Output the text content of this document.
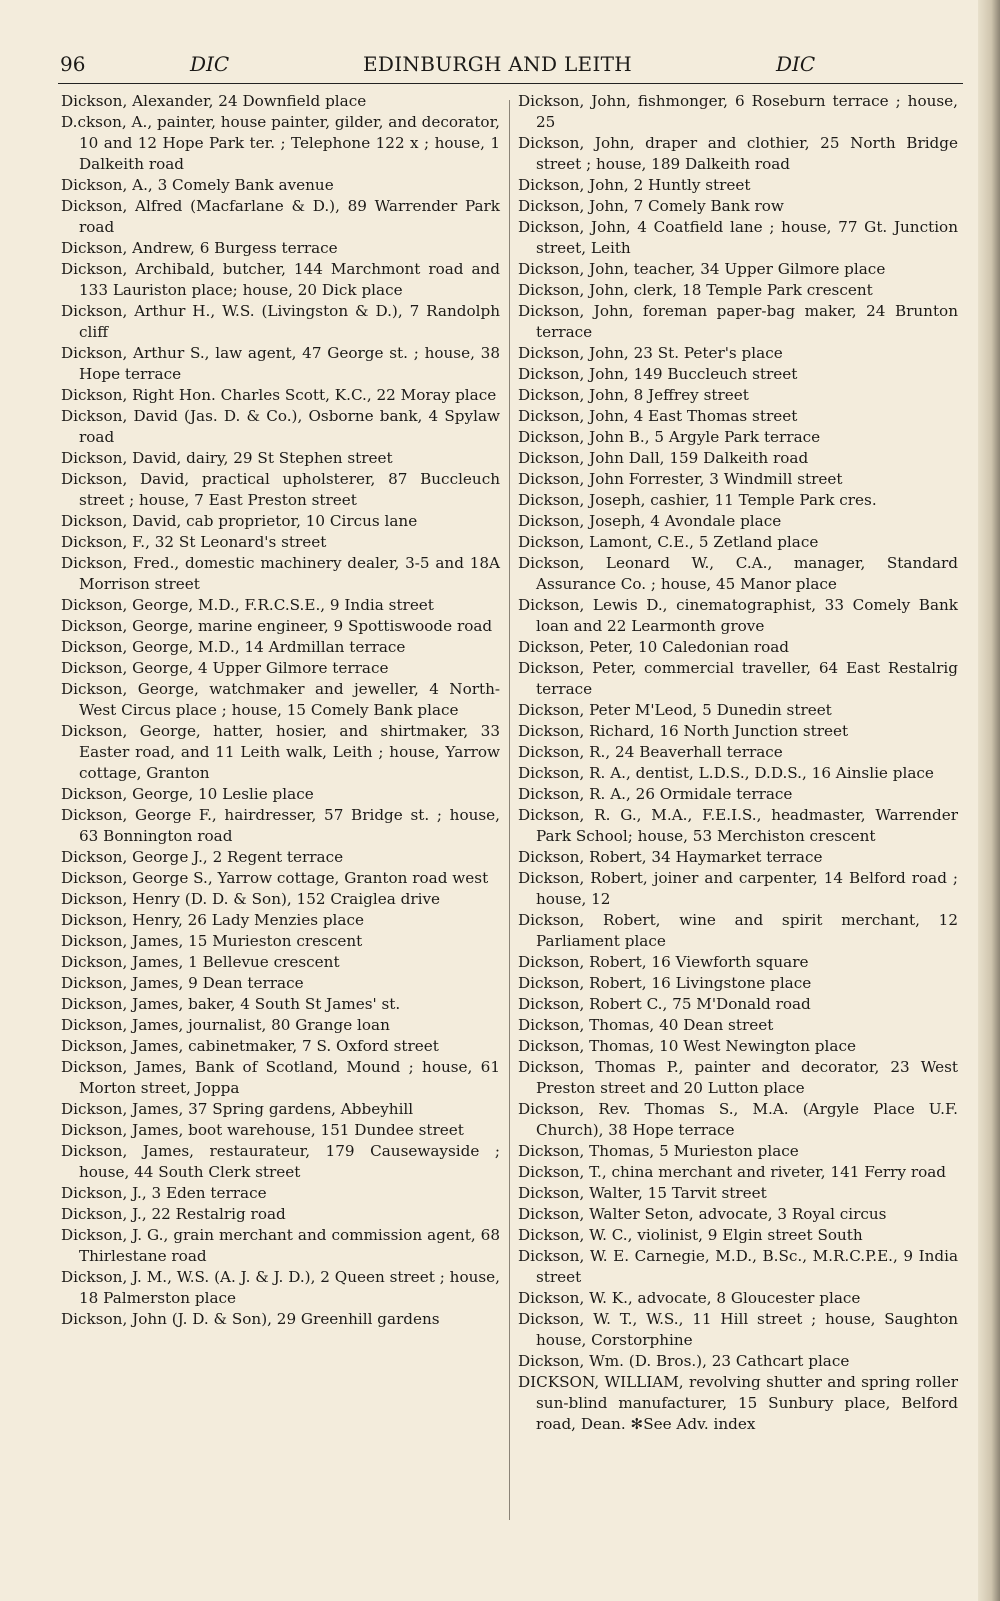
96	DIC	EDINBURGH AND LEITH	DIC
Dickson, Alexander, 24 Downfield place
D.ckson, A., painter, house painter, gilder, and decorator, 10 and 12 Hope Park ter. ; Telephone 122 x ; house, 1 Dalkeith road
Dickson, A., 3 Comely Bank avenue
Dickson, Alfred (Macfarlane & D.), 89 Warrender Park road
Dickson, Andrew, 6 Burgess terrace
Dickson, Archibald, butcher, 144 Marchmont road and 133 Lauriston place; house, 20 Dick place
Dickson, Arthur H., W.S. (Livingston & D.), 7 Randolph cliff
Dickson, Arthur S., law agent, 47 George st. ; house, 38 Hope terrace
Dickson, Right Hon. Charles Scott, K.C., 22 Moray place
Dickson, David (Jas. D. & Co.), Osborne bank, 4 Spylaw road
Dickson, David, dairy, 29 St Stephen street
Dickson, David, practical upholsterer, 87 Buccleuch street ; house, 7 East Preston street
Dickson, David, cab proprietor, 10 Circus lane
Dickson, F., 32 St Leonard's street
Dickson, Fred., domestic machinery dealer, 3-5 and 18A Morrison street
Dickson, George, M.D., F.R.C.S.E., 9 India street
Dickson, George, marine engineer, 9 Spottiswoode road
Dickson, George, M.D., 14 Ardmillan terrace
Dickson, George, 4 Upper Gilmore terrace
Dickson, George, watchmaker and jeweller, 4 North-West Circus place ; house, 15 Comely Bank place
Dickson, George, hatter, hosier, and shirtmaker, 33 Easter road, and 11 Leith walk, Leith ; house, Yarrow cottage, Granton
Dickson, George, 10 Leslie place
Dickson, George F., hairdresser, 57 Bridge st. ; house, 63 Bonnington road
Dickson, George J., 2 Regent terrace
Dickson, George S., Yarrow cottage, Granton road west
Dickson, Henry (D. D. & Son), 152 Craiglea drive
Dickson, Henry, 26 Lady Menzies place
Dickson, James, 15 Murieston crescent
Dickson, James, 1 Bellevue crescent
Dickson, James, 9 Dean terrace
Dickson, James, baker, 4 South St James' st.
Dickson, James, journalist, 80 Grange loan
Dickson, James, cabinetmaker, 7 S. Oxford street
Dickson, James, Bank of Scotland, Mound ; house, 61 Morton street, Joppa
Dickson, James, 37 Spring gardens, Abbeyhill
Dickson, James, boot warehouse, 151 Dundee street
Dickson, James, restaurateur, 179 Causewayside ; house, 44 South Clerk street
Dickson, J., 3 Eden terrace
Dickson, J., 22 Restalrig road
Dickson, J. G., grain merchant and commission agent, 68 Thirlestane road
Dickson, J. M., W.S. (A. J. & J. D.), 2 Queen street ; house, 18 Palmerston place
Dickson, John (J. D. & Son), 29 Greenhill gardens
Dickson, John, fishmonger, 6 Roseburn terrace ; house, 25
Dickson, John, draper and clothier, 25 North Bridge street ; house, 189 Dalkeith road
Dickson, John, 2 Huntly street
Dickson, John, 7 Comely Bank row
Dickson, John, 4 Coatfield lane ; house, 77 Gt. Junction street, Leith
Dickson, John, teacher, 34 Upper Gilmore place
Dickson, John, clerk, 18 Temple Park crescent
Dickson, John, foreman paper-bag maker, 24 Brunton terrace
Dickson, John, 23 St. Peter's place
Dickson, John, 149 Buccleuch street
Dickson, John, 8 Jeffrey street
Dickson, John, 4 East Thomas street
Dickson, John B., 5 Argyle Park terrace
Dickson, John Dall, 159 Dalkeith road
Dickson, John Forrester, 3 Windmill street
Dickson, Joseph, cashier, 11 Temple Park cres.
Dickson, Joseph, 4 Avondale place
Dickson, Lamont, C.E., 5 Zetland place
Dickson, Leonard W., C.A., manager, Standard Assurance Co. ; house, 45 Manor place
Dickson, Lewis D., cinematographist, 33 Comely Bank loan and 22 Learmonth grove
Dickson, Peter, 10 Caledonian road
Dickson, Peter, commercial traveller, 64 East Restalrig terrace
Dickson, Peter M'Leod, 5 Dunedin street
Dickson, Richard, 16 North Junction street
Dickson, R., 24 Beaverhall terrace
Dickson, R. A., dentist, L.D.S., D.D.S., 16 Ainslie place
Dickson, R. A., 26 Ormidale terrace
Dickson, R. G., M.A., F.E.I.S., headmaster, Warrender Park School; house, 53 Merchiston crescent
Dickson, Robert, 34 Haymarket terrace
Dickson, Robert, joiner and carpenter, 14 Belford road ; house, 12
Dickson, Robert, wine and spirit merchant, 12 Parliament place
Dickson, Robert, 16 Viewforth square
Dickson, Robert, 16 Livingstone place
Dickson, Robert C., 75 M'Donald road
Dickson, Thomas, 40 Dean street
Dickson, Thomas, 10 West Newington place
Dickson, Thomas P., painter and decorator, 23 West Preston street and 20 Lutton place
Dickson, Rev. Thomas S., M.A. (Argyle Place U.F. Church), 38 Hope terrace
Dickson, Thomas, 5 Murieston place
Dickson, T., china merchant and riveter, 141 Ferry road
Dickson, Walter, 15 Tarvit street
Dickson, Walter Seton, advocate, 3 Royal circus
Dickson, W. C., violinist, 9 Elgin street South
Dickson, W. E. Carnegie, M.D., B.Sc., M.R.C.P.E., 9 India street
Dickson, W. K., advocate, 8 Gloucester place
Dickson, W. T., W.S., 11 Hill street ; house, Saughton house, Corstorphine
Dickson, Wm. (D. Bros.), 23 Cathcart place
DICKSON, WILLIAM, revolving shutter and spring roller sun-blind manufacturer, 15 Sunbury place, Belford road, Dean. ✻See Adv. index
